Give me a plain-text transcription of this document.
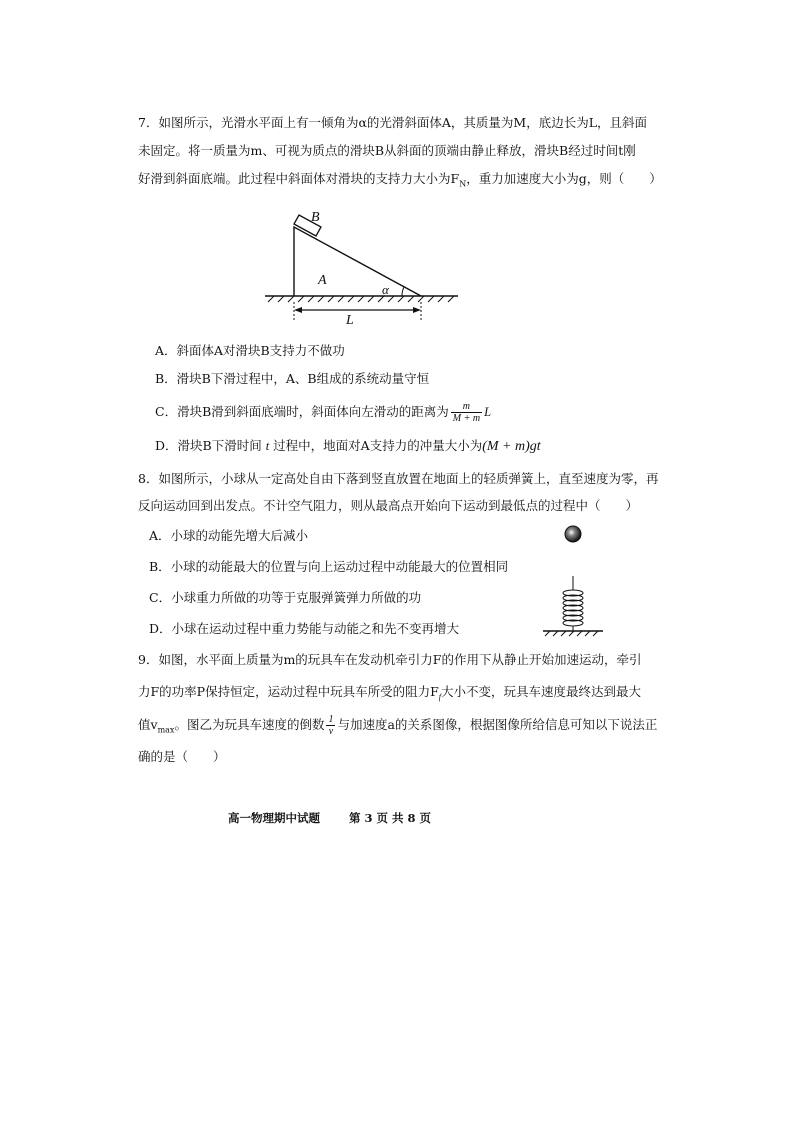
7．如图所示，光滑水平面上有一倾角为α的光滑斜面体A，其质量为M，底边长为L，且斜面
未固定。将一质量为m、可视为质点的滑块B从斜面的顶端由静止释放，滑块B经过时间t刚
好滑到斜面底端。此过程中斜面体对滑块的支持力大小为$F_N$，重力加速度大小为g，则（　　）
B
A
α
L
A．斜面体A对滑块B支持力不做功
B．滑块B下滑过程中，A、B组成的系统动量守恒
C．滑块B滑到斜面底端时，斜面体向左滑动的距离为 $\frac{m}{M + m}$ L
D．滑块B下滑时间 t 过程中，地面对A支持力的冲量大小为(M + m)gt
8．如图所示，小球从一定高处自由下落到竖直放置在地面上的轻质弹簧上，直至速度为零，再
反向运动回到出发点。不计空气阻力，则从最高点开始向下运动到最低点的过程中（　　）
A．小球的动能先增大后减小
B．小球的动能最大的位置与向上运动过程中动能最大的位置相同
C．小球重力所做的功等于克服弹簧弹力所做的功
D．小球在运动过程中重力势能与动能之和先不变再增大
9．如图，水平面上质量为m的玩具车在发动机牵引力F的作用下从静止开始加速运动，牵引
力F的功率P保持恒定，运动过程中玩具车所受的阻力$F_f$大小不变，玩具车速度最终达到最大
值$v_{max}$。图乙为玩具车速度的倒数 $\frac{1}{v}$ 与加速度a的关系图像，根据图像所给信息可知以下说法正
确的是（　　）
高一物理期中试题	第 3 页 共 8 页
